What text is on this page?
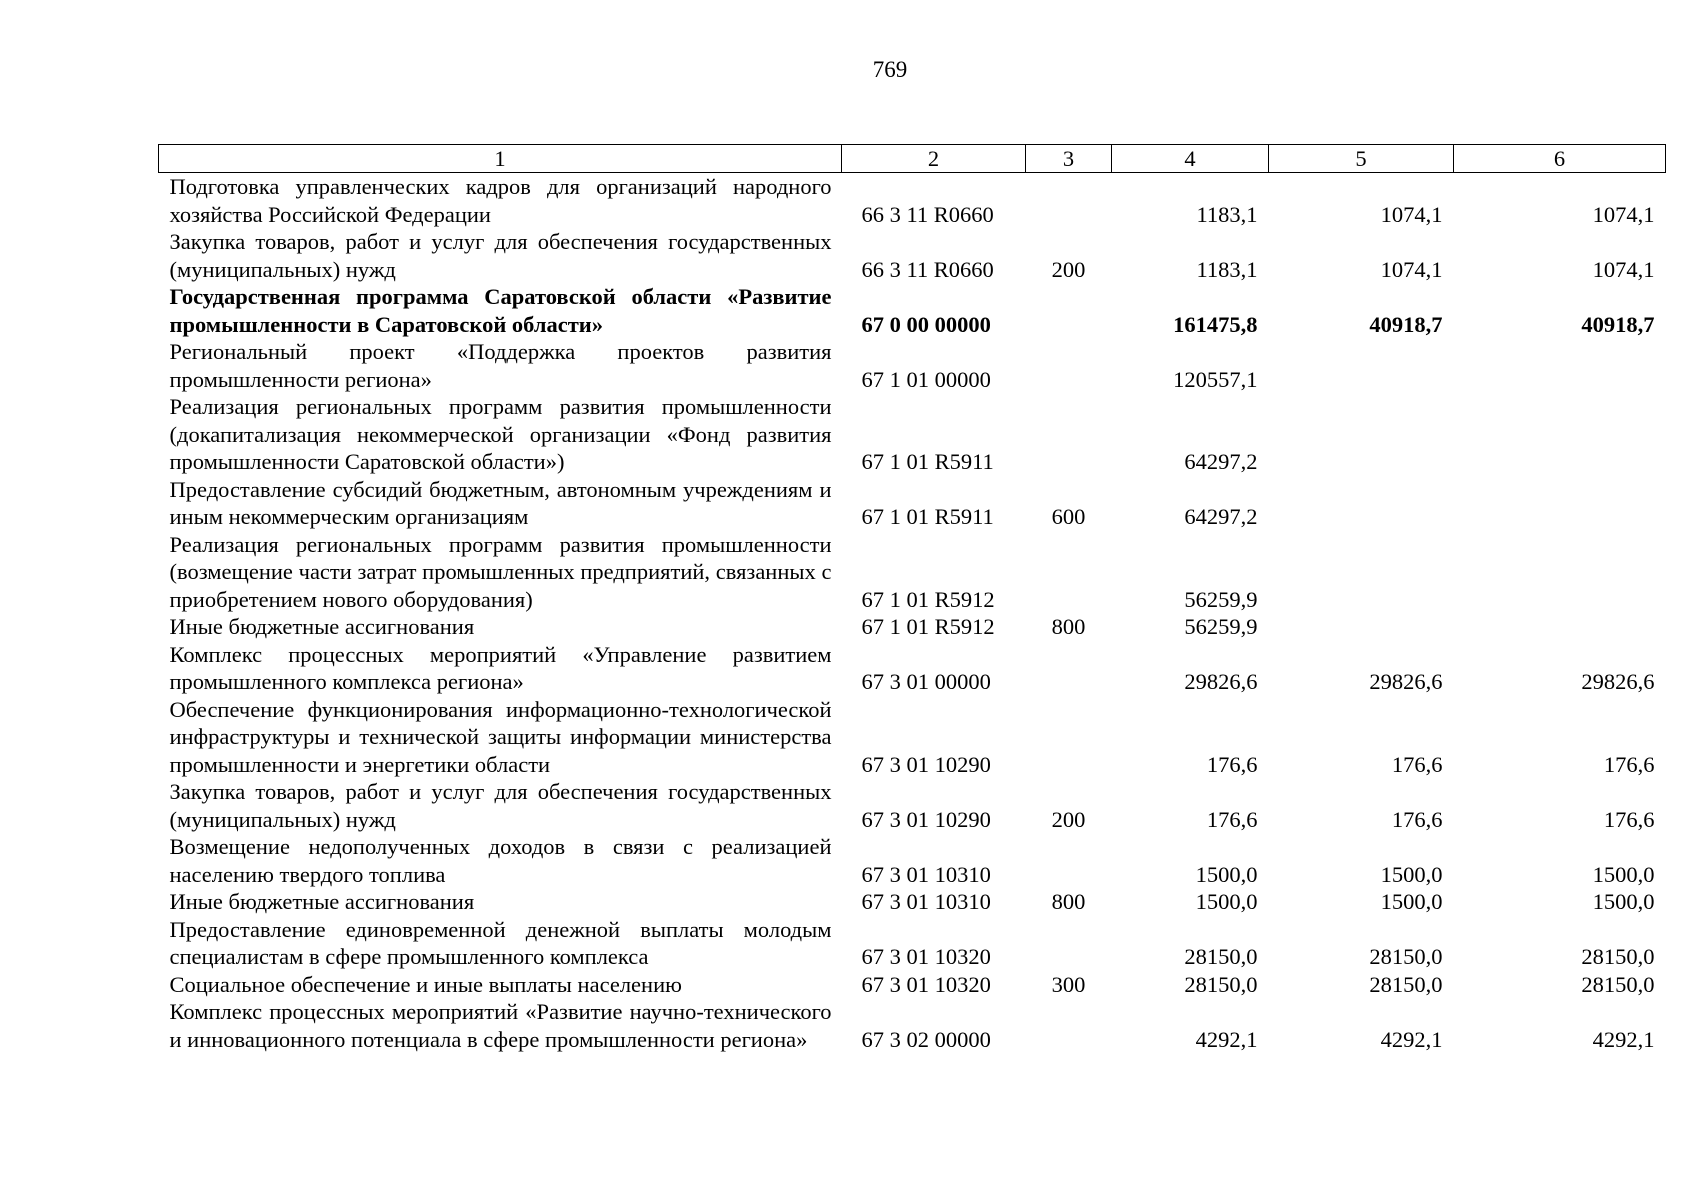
769
1	2	3	4	5	6
Подготовка управленческих кадров для организаций народного хозяйства Российской Федерации	66 3 11 R0660		1183,1	1074,1	1074,1
Закупка товаров, работ и услуг для обеспечения государственных (муниципальных) нужд	66 3 11 R0660	200	1183,1	1074,1	1074,1
Государственная программа Саратовской области «Развитие промышленности в Саратовской области»	67 0 00 00000		161475,8	40918,7	40918,7
Региональный проект «Поддержка проектов развития промышленности региона»	67 1 01 00000		120557,1		
Реализация региональных программ развития промышленности (докапитализация некоммерческой организации «Фонд развития промышленности Саратовской области»)	67 1 01 R5911		64297,2		
Предоставление субсидий бюджетным, автономным учреждениям и иным некоммерческим организациям	67 1 01 R5911	600	64297,2		
Реализация региональных программ развития промышленности (возмещение части затрат промышленных предприятий, связанных с приобретением нового оборудования)	67 1 01 R5912		56259,9		
Иные бюджетные ассигнования	67 1 01 R5912	800	56259,9		
Комплекс процессных мероприятий «Управление развитием промышленного комплекса региона»	67 3 01 00000		29826,6	29826,6	29826,6
Обеспечение функционирования информационно-технологической инфраструктуры и технической защиты информации министерства промышленности и энергетики области	67 3 01 10290		176,6	176,6	176,6
Закупка товаров, работ и услуг для обеспечения государственных (муниципальных) нужд	67 3 01 10290	200	176,6	176,6	176,6
Возмещение недополученных доходов в связи с реализацией населению твердого топлива	67 3 01 10310		1500,0	1500,0	1500,0
Иные бюджетные ассигнования	67 3 01 10310	800	1500,0	1500,0	1500,0
Предоставление единовременной денежной выплаты молодым специалистам в сфере промышленного комплекса	67 3 01 10320		28150,0	28150,0	28150,0
Социальное обеспечение и иные выплаты населению	67 3 01 10320	300	28150,0	28150,0	28150,0
Комплекс процессных мероприятий «Развитие научно-технического и инновационного потенциала в сфере промышленности региона»	67 3 02 00000		4292,1	4292,1	4292,1
